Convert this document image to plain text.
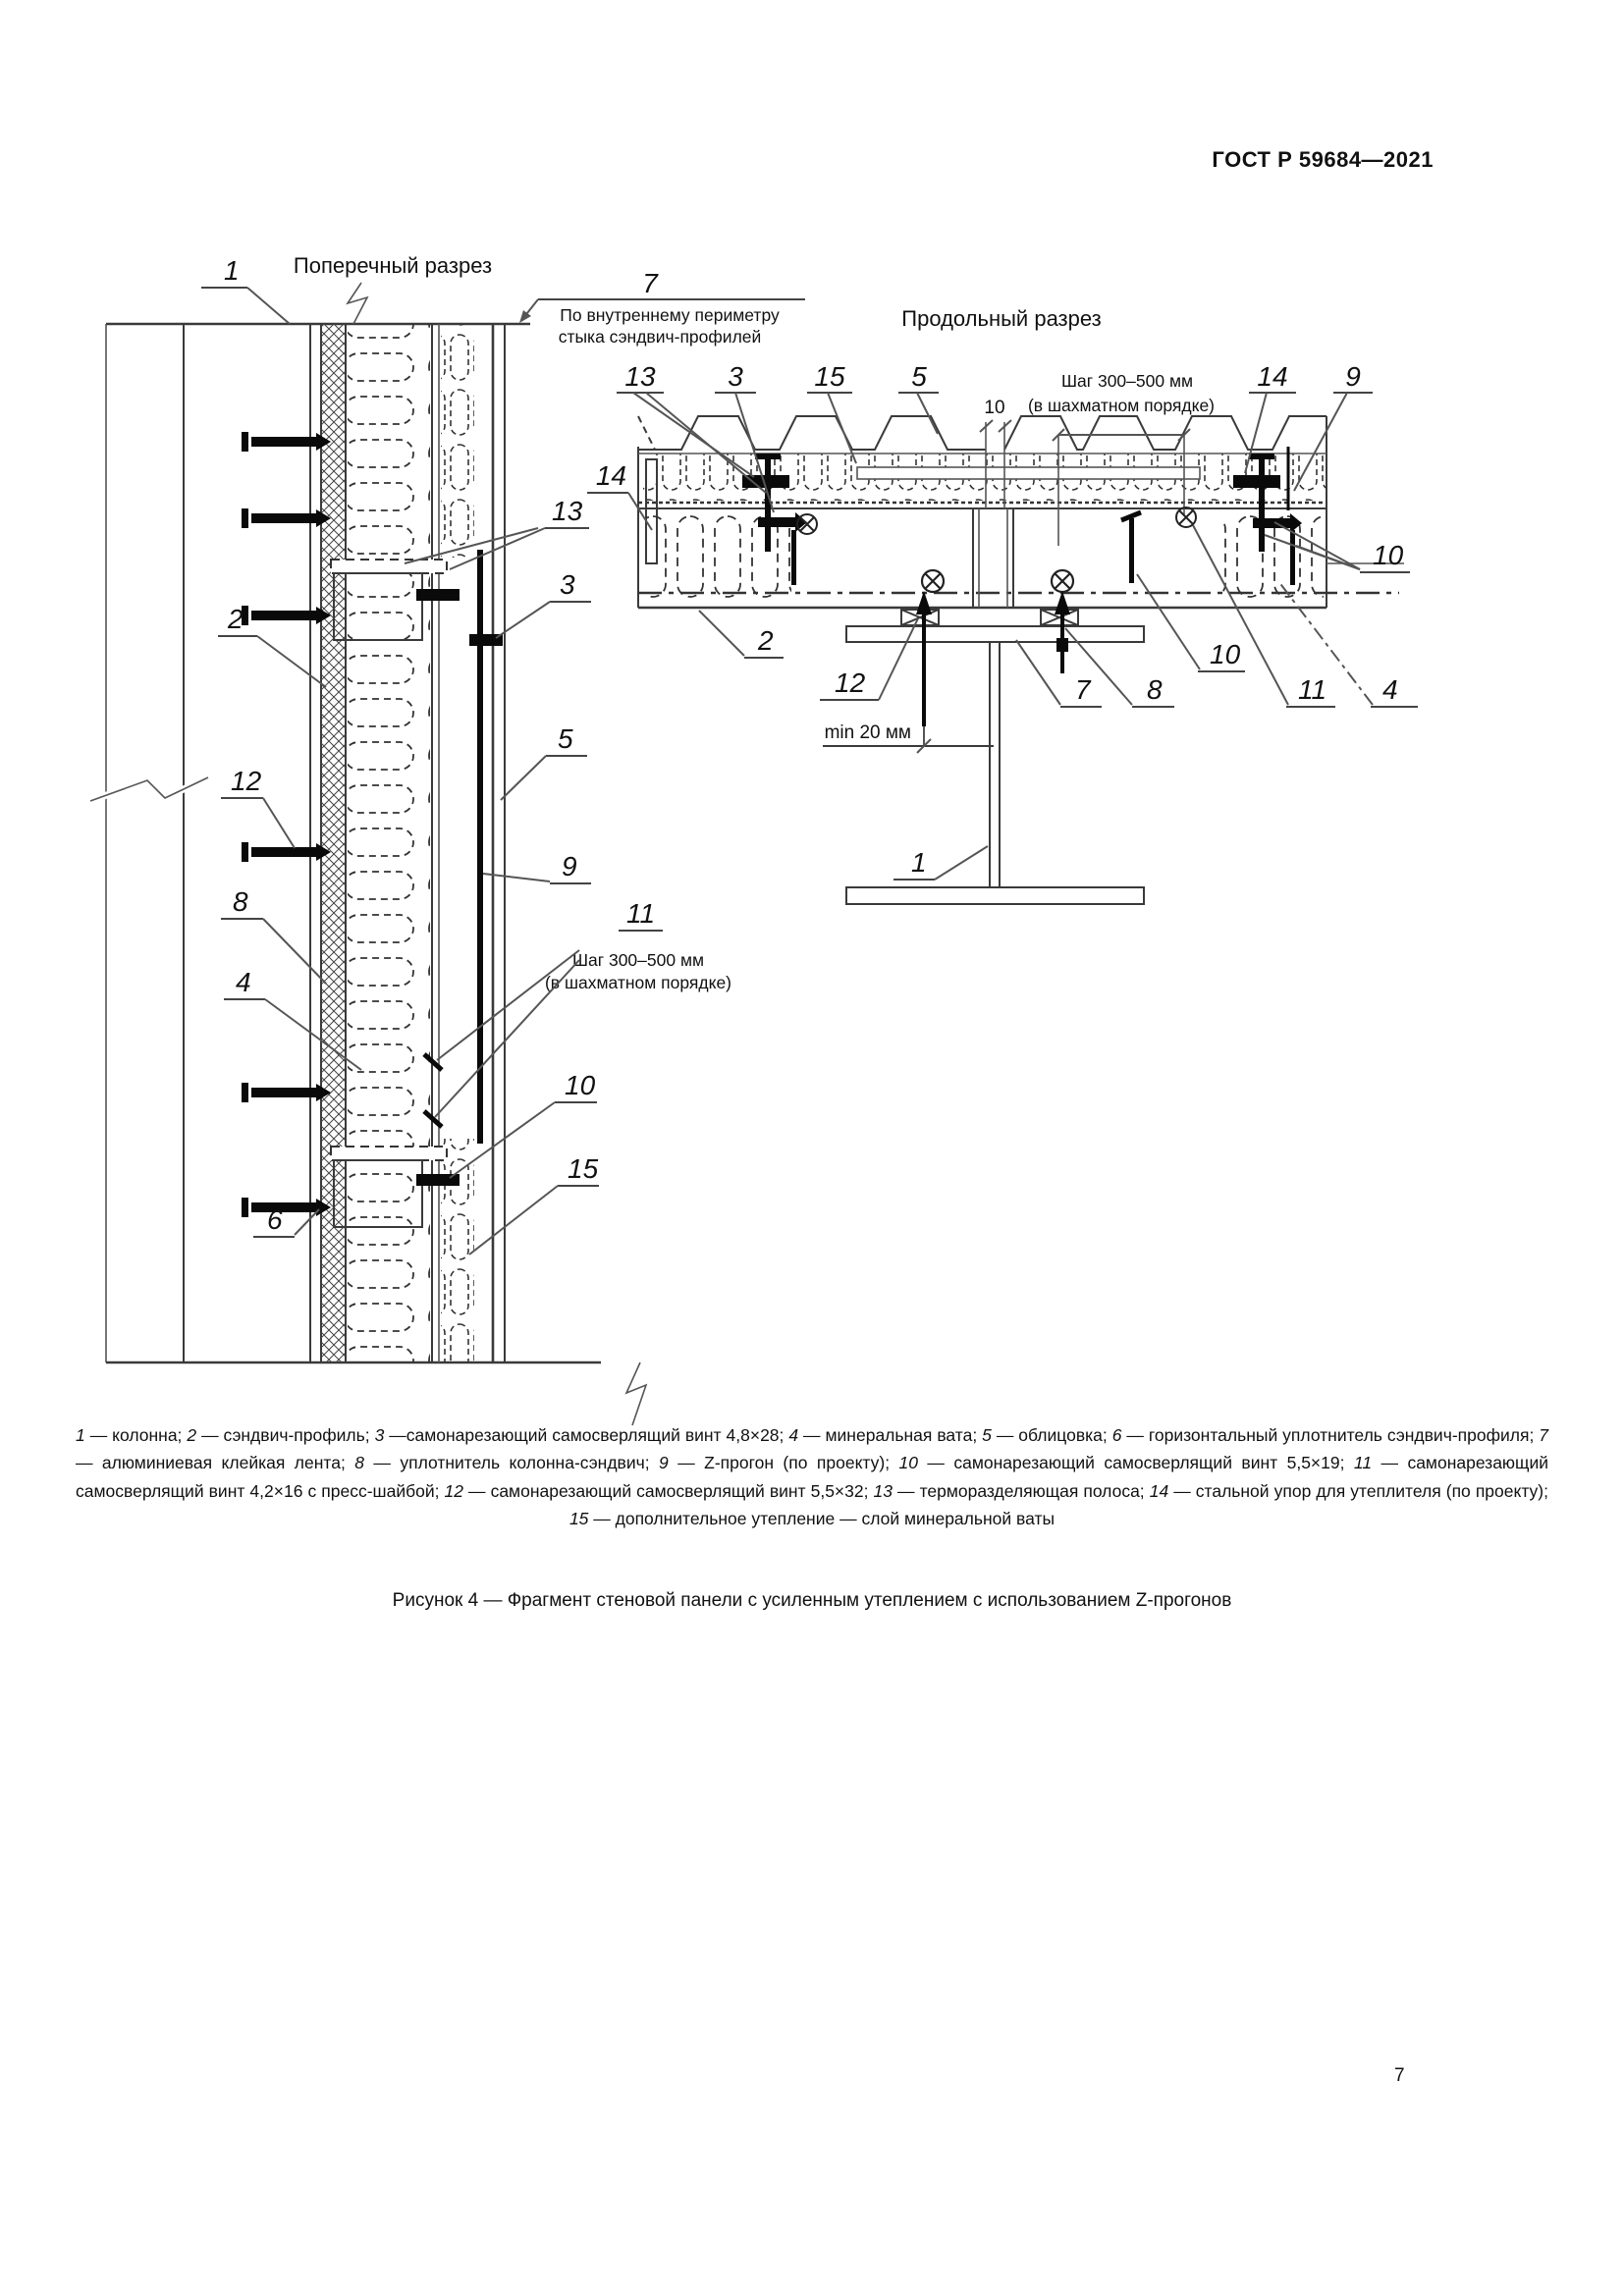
ГОСТ Р 59684—2021
Поперечный разрез
7
По внутреннему периметру
стыка сэндвич-профилей
1
2
12
13
3
5
9
8
4
11
Шаг 300–500 мм
(в шахматном порядке)
10
15
6
Продольный разрез
10
Шаг 300–500 мм
(в шахматном порядке)
min 20 мм
13	3	15 5	14 9
14
2
12
1
7 8
10
11 4
10

1 — колонна; 2 — сэндвич-профиль; 3 —самонарезающий самосверлящий винт 4,8×28; 4 — минеральная вата; 5 — облицовка; 6 — горизонтальный уплотнитель сэндвич-профиля; 7 — алюминиевая клейкая лента; 8 — уплотнитель колонна-сэндвич; 9 — Z-прогон (по проекту); 10 — самонарезающий самосверлящий винт 5,5×19; 11 — самонарезающий самосверлящий винт 4,2×16 с пресс-шайбой; 12 — самонарезающий самосверлящий винт 5,5×32; 13 — терморазделяющая полоса; 14 — стальной упор для утеплителя (по проекту); 15 — дополнительное утепление — слой минеральной ваты

Рисунок 4 — Фрагмент стеновой панели с усиленным утеплением с использованием Z-прогонов

7
